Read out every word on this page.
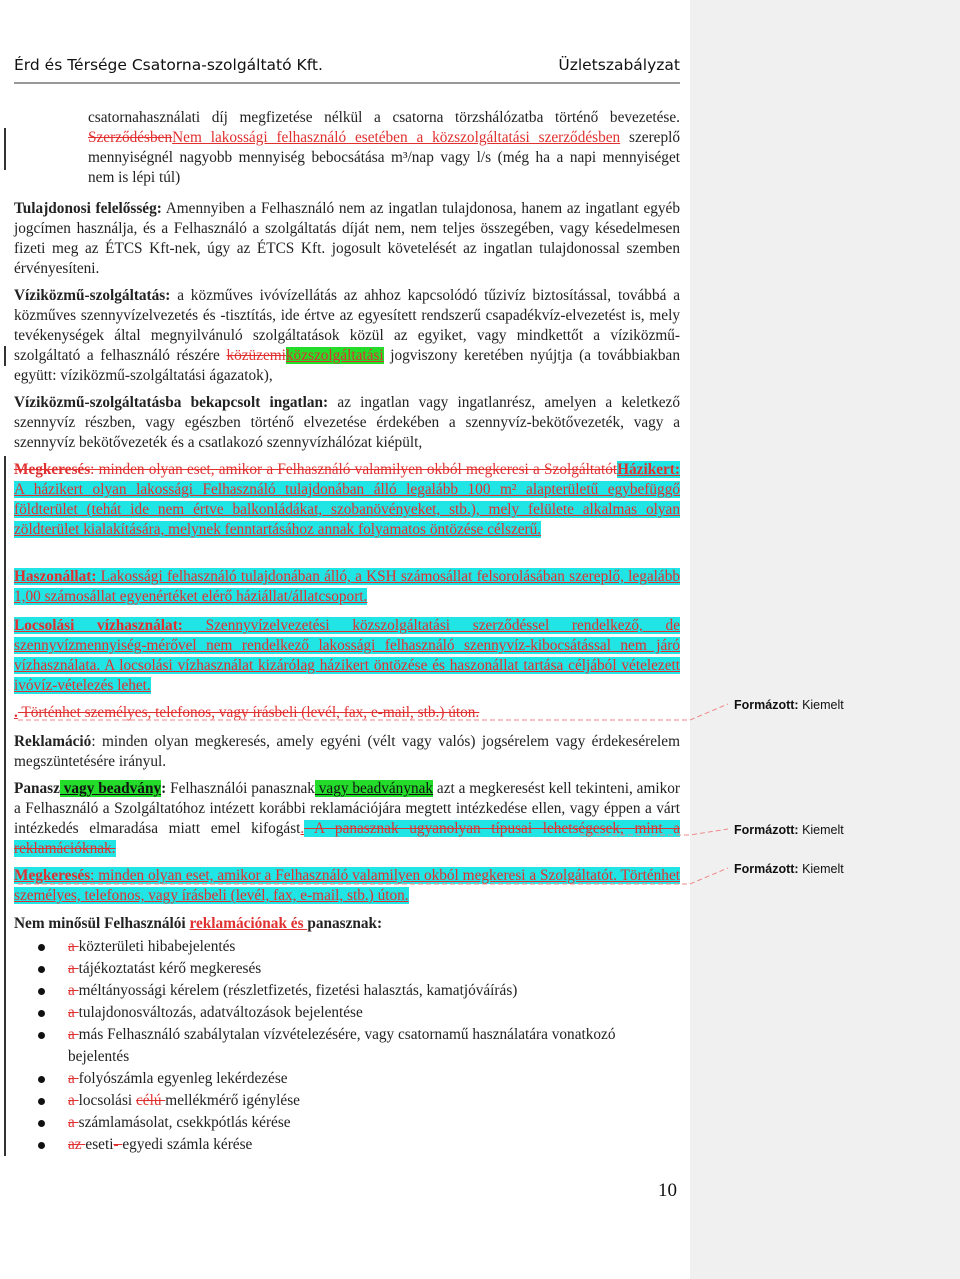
Érd és Térsége Csatorna-szolgáltató Kft.	Üzletszabályzat
csatornahasználati díj megfizetése nélkül a csatorna törzshálózatba történő bevezetése. SzerződésbenNem lakossági felhasználó esetében a közszolgáltatási szerződésben szereplő mennyiségnél nagyobb mennyiség bebocsátása m³/nap vagy l/s (még ha a napi mennyiséget nem is lépi túl)
Tulajdonosi felelősség: Amennyiben a Felhasználó nem az ingatlan tulajdonosa, hanem az ingatlant egyéb jogcímen használja, és a Felhasználó a szolgáltatás díját nem, nem teljes összegében, vagy késedelmesen fizeti meg az ÉTCS Kft-nek, úgy az ÉTCS Kft. jogosult követelését az ingatlan tulajdonossal szemben érvényesíteni.
Víziközmű-szolgáltatás: a közműves ivóvízellátás az ahhoz kapcsolódó tűzivíz biztosítással, továbbá a közműves szennyvízelvezetés és -tisztítás, ide értve az egyesített rendszerű csapadékvíz-elvezetést is, mely tevékenységek által megnyilvánuló szolgáltatások közül az egyiket, vagy mindkettőt a víziközmű-szolgáltató a felhasználó részére közüzemiközszolgáltatási jogviszony keretében nyújtja (a továbbiakban együtt: víziközmű-szolgáltatási ágazatok),
Víziközmű-szolgáltatásba bekapcsolt ingatlan: az ingatlan vagy ingatlanrész, amelyen a keletkező szennyvíz részben, vagy egészben történő elvezetése érdekében a szennyvíz-bekötővezeték, vagy a szennyvíz bekötővezeték és a csatlakozó szennyvízhálózat kiépült,
Megkeresés: minden olyan eset, amikor a Felhasználó valamilyen okból megkeresi a SzolgáltatótHázikert: A házikert olyan lakossági Felhasználó tulajdonában álló legalább 100 m² alapterületű egybefüggő földterület (tehát ide nem értve balkonládákat, szobanövényeket, stb.), mely felülete alkalmas olyan zöldterület kialakítására, melynek fenntartásához annak folyamatos öntözése célszerű.
Haszonállat: Lakossági felhasználó tulajdonában álló, a KSH számosállat felsorolásában szereplő, legalább 1,00 számosállat egyenértéket elérő háziállat/állatcsoport.
Locsolási vízhasználat: Szennyvízelvezetési közszolgáltatási szerződéssel rendelkező, de szennyvízmennyiség-mérővel nem rendelkező lakossági felhasználó szennyvíz-kibocsátással nem járó vízhasználata. A locsolási vízhasználat kizárólag házikert öntözése és haszonállat tartása céljából vételezett ivóvíz-vételezés lehet.
. Történhet személyes, telefonos, vagy írásbeli (levél, fax, e-mail, stb.) úton.
Reklamáció: minden olyan megkeresés, amely egyéni (vélt vagy valós) jogsérelem vagy érdekesérelem megszüntetésére irányul.
Panasz vagy beadvány: Felhasználói panasznak vagy beadványnak azt a megkeresést kell tekinteni, amikor a Felhasználó a Szolgáltatóhoz intézett korábbi reklamációjára megtett intézkedése ellen, vagy éppen a várt intézkedés elmaradása miatt emel kifogást. A panasznak ugyanolyan típusai lehetségesek, mint a reklamációknak.
Megkeresés: minden olyan eset, amikor a Felhasználó valamilyen okból megkeresi a Szolgáltatót. Történhet személyes, telefonos, vagy írásbeli (levél, fax, e-mail, stb.) úton.
Nem minősül Felhasználói reklamációnak és panasznak:
a közterületi hibabejelentés
a tájékoztatást kérő megkeresés
a méltányossági kérelem (részletfizetés, fizetési halasztás, kamatjóváírás)
a tulajdonosváltozás, adatváltozások bejelentése
a más Felhasználó szabálytalan vízvételezésére, vagy csatornamű használatára vonatkozó bejelentés
a folyószámla egyenleg lekérdezése
a locsolási célú mellékmérő igénylése
a számlamásolat, csekkpótlás kérése
az eseti- egyedi számla kérése
Formázott: Kiemelt
Formázott: Kiemelt
Formázott: Kiemelt
10
